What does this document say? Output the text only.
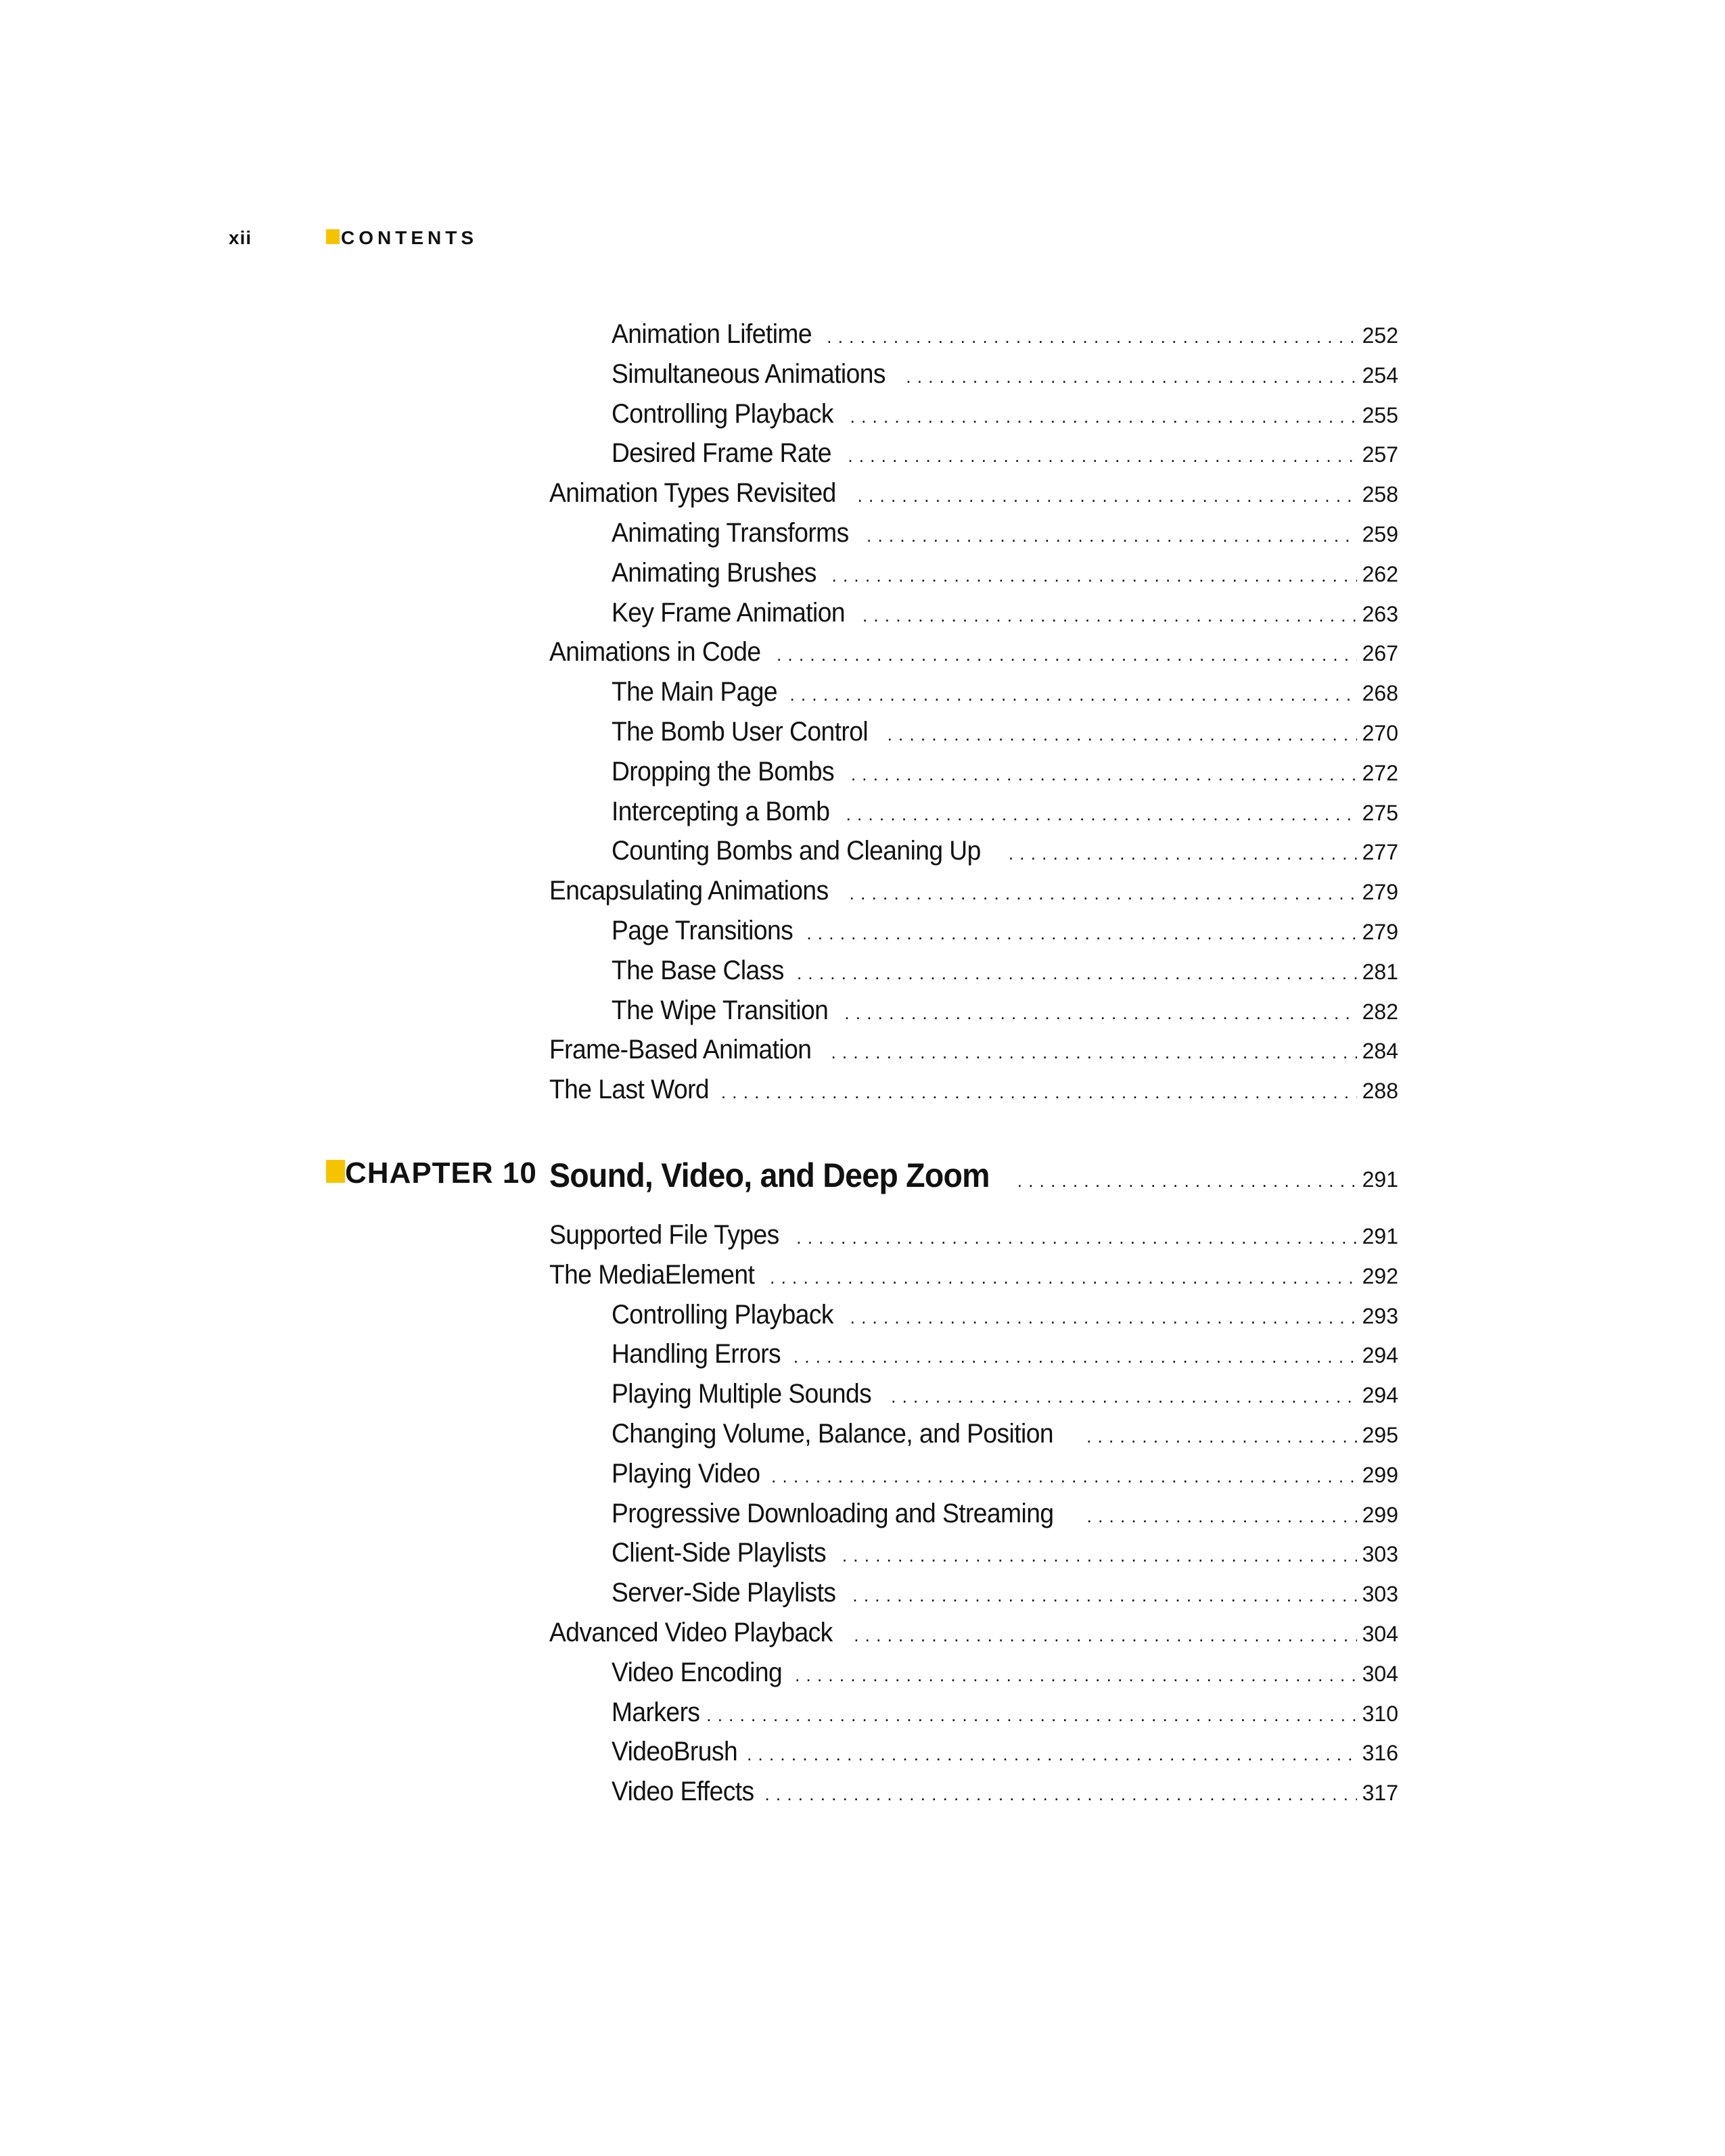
xii	CONTENTS
Animation Lifetime . . .	252
Simultaneous Animations . . .	254
Controlling Playback . . .	255
Desired Frame Rate . . .	257
Animation Types Revisited . . .	258
Animating Transforms . . .	259
Animating Brushes . . .	262
Key Frame Animation . . .	263
Animations in Code . . .	267
The Main Page . . .	268
The Bomb User Control . . .	270
Dropping the Bombs . . .	272
Intercepting a Bomb . . .	275
Counting Bombs and Cleaning Up . . .	277
Encapsulating Animations . . .	279
Page Transitions . . .	279
The Base Class . . .	281
The Wipe Transition . . .	282
Frame-Based Animation . . .	284
The Last Word . . .	288
CHAPTER 10 Sound, Video, and Deep Zoom . . .	291
Supported File Types . . .	291
The MediaElement . . .	292
Controlling Playback . . .	293
Handling Errors . . .	294
Playing Multiple Sounds . . .	294
Changing Volume, Balance, and Position . . .	295
Playing Video . . .	299
Progressive Downloading and Streaming . . .	299
Client-Side Playlists . . .	303
Server-Side Playlists . . .	303
Advanced Video Playback . . .	304
Video Encoding . . .	304
Markers . . .	310
VideoBrush . . .	316
Video Effects . . .	317
